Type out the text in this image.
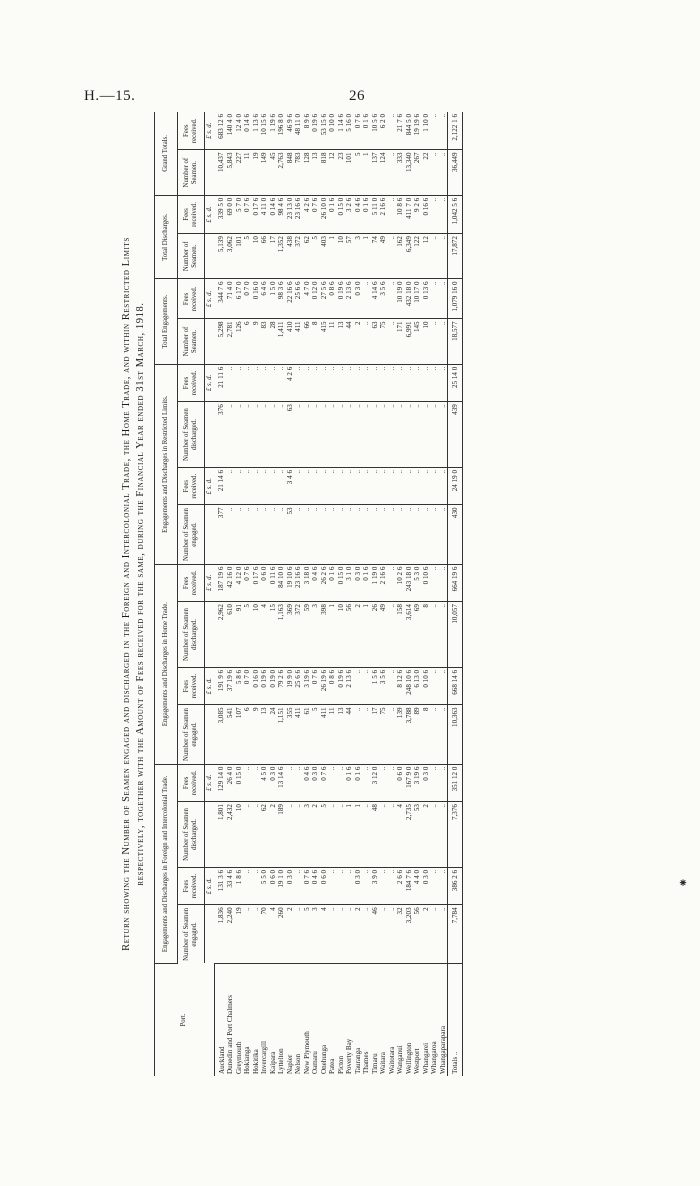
H.—15.	26
Return showing the Number of Seamen engaged and discharged in the Foreign and Intercolonial Trade, the Home Trade, and within Restricted Limits respectively, together with the Amount of Fees received for the same, during the Financial Year ended 31st March, 1918.
Port.	Engagements and Discharges in Foreign and Intercolonial Trade.				Engagements and Discharges in Home Trade.				Engagements and Discharges in Restricted Limits.				Total Engagements.		Total Discharges.		Grand Totals.	
	Number of Seamen engaged.	Fees received.	Number of Seamen discharged.	Fees received.	Number of Seamen engaged.	Fees received.	Number of Seamen discharged.	Fees received.	Number of Seamen engaged.	Fees received.	Number of Seamen discharged.	Fees received.	Number of Seamen.	Fees received.	Number of Seamen.	Fees received.	Number of Seamen.	Fees received.
		£ s. d.		£ s. d.		£ s. d.		£ s. d.		£ s. d.		£ s. d.		£ s. d.		£ s. d.		£ s. d.
Auckland	1,836	131 3 6	1,801	129 14 0	3,085	191 9 6	2,962	187 19 6	377	21 14 6	376	21 11 6	5,298	344 7 6	5,139	339 5 0	10,437	683 12 6
Dunedin and Port Chalmers	2,240	33 4 6	2,432	26 4 0	541	37 19 6	610	42 16 0	..	..	..	..	2,781	71 4 0	3,062	69 0 0	5,843	140 4 0
Greymouth	19	1 8 6	10	0 15 0	107	5 8 6	91	4 12 0	..	..	..	..	126	6 17 0	101	5 7 0	227	12 4 0
Hokianga	..	..	..	..	6	0 7 0	5	0 7 6	..	..	..	..	6	0 7 0	5	0 7 6	11	0 14 6
Hokitika	..	..	..	..	9	0 16 0	10	0 17 6	..	..	..	..	9	0 16 0	10	0 17 6	19	1 13 6
Invercargill	70	5 5 0	62	4 5 0	13	0 19 6	4	0 6 0	..	..	..	..	83	6 4 6	66	4 11 0	149	10 15 6
Kaipara	4	0 6 0	2	0 3 0	24	0 19 0	15	0 11 6	..	..	..	..	28	1 5 0	17	0 14 6	45	1 19 6
Lyttelton	260	19 1 0	189	13 14 6	1,151	79 2 6	1,163	84 10 0	..	..	..	..	1,411	98 3 6	1,352	98 4 6	2,763	196 8 0
Napier	2	0 3 0	..	..	355	19 9 0	369	19 10 6	53	3 4 6	63	4 2 6	410	22 16 6	438	23 13 0	848	46 9 6
Nelson	..	..	..	..	411	25 6 6	372	23 16 6	..	..	..	..	411	25 6 6	372	23 16 6	783	48 11 0
New Plymouth	5	0 7 6	3	0 4 6	61	3 19 6	59	3 18 0	..	..	..	..	66	4 7 0	62	4 2 6	128	8 9 6
Oamaru	3	0 4 6	2	0 3 0	5	0 7 6	3	0 4 6	..	..	..	..	8	0 12 0	5	0 7 6	13	0 19 6
Onehunga	4	0 6 0	5	0 7 6	411	26 19 6	398	26 2 6	..	..	..	..	415	27 5 6	403	26 10 0	818	53 15 6
Patea	..	..	..	..	11	0 8 6	1	0 1 6	..	..	..	..	11	0 8 6	1	0 1 6	12	0 10 0
Picton	..	..	..	..	13	0 19 6	10	0 15 0	..	..	..	..	13	0 19 6	10	0 15 0	23	1 14 6
Poverty Bay	..	..	1	0 1 6	44	2 13 6	56	3 1 0	..	..	..	..	44	2 13 6	57	3 2 6	101	5 16 0
Tauranga	2	0 3 0	1	0 1 6	..	..	2	0 3 0	..	..	..	..	2	0 3 0	3	0 4 6	5	0 7 6
Thames	..	..	..	..	..	..	1	0 1 6	..	..	..	..	..	..	1	0 1 6	1	0 1 6
Timaru	46	3 9 0	48	3 12 0	17	1 5 6	26	1 19 0	..	..	..	..	63	4 14 6	74	5 11 0	137	10 5 6
Waitara	..	..	..	..	75	3 5 6	49	2 16 6	..	..	..	..	75	3 5 6	49	2 16 6	124	6 2 0
Waitotara	..	..	..	..	..	..	..	..	..	..	..	..	..	..	..	..	..	..
Wanganui	32	2 6 6	4	0 6 0	139	8 12 6	158	10 2 6	..	..	..	..	171	10 19 0	162	10 8 6	333	21 7 6
Wellington	3,203	184 7 6	2,735	167 9 0	3,788	248 10 6	3,614	243 18 0	..	..	..	..	6,991	432 18 0	6,349	411 7 0	13,340	844 5 0
Westport	56	4 4 0	53	3 19 6	89	6 13 0	69	5 3 0	..	..	..	..	145	10 17 0	122	9 2 6	267	19 19 6
Whangarei	2	0 3 0	2	0 3 0	8	0 10 6	8	0 10 6	..	..	..	..	10	0 13 6	12	0 16 6	22	1 10 0
Whangaroa	..	..	..	..	..	..	..	..	..	..	..	..	..	..	..	..	..	..
Whangaparapara	..	..	..	..	..	..	..	..	..	..	..	..	..	..	..	..	..	..
Totals ..	7,784	386 2 6	7,376	351 12 0	10,363	668 14 6	10,057	664 19 6	430	24 19 0	439	25 14 0	18,577	1,079 16 0	17,872	1,042 5 6	36,449	2,122 1 6
⁕
